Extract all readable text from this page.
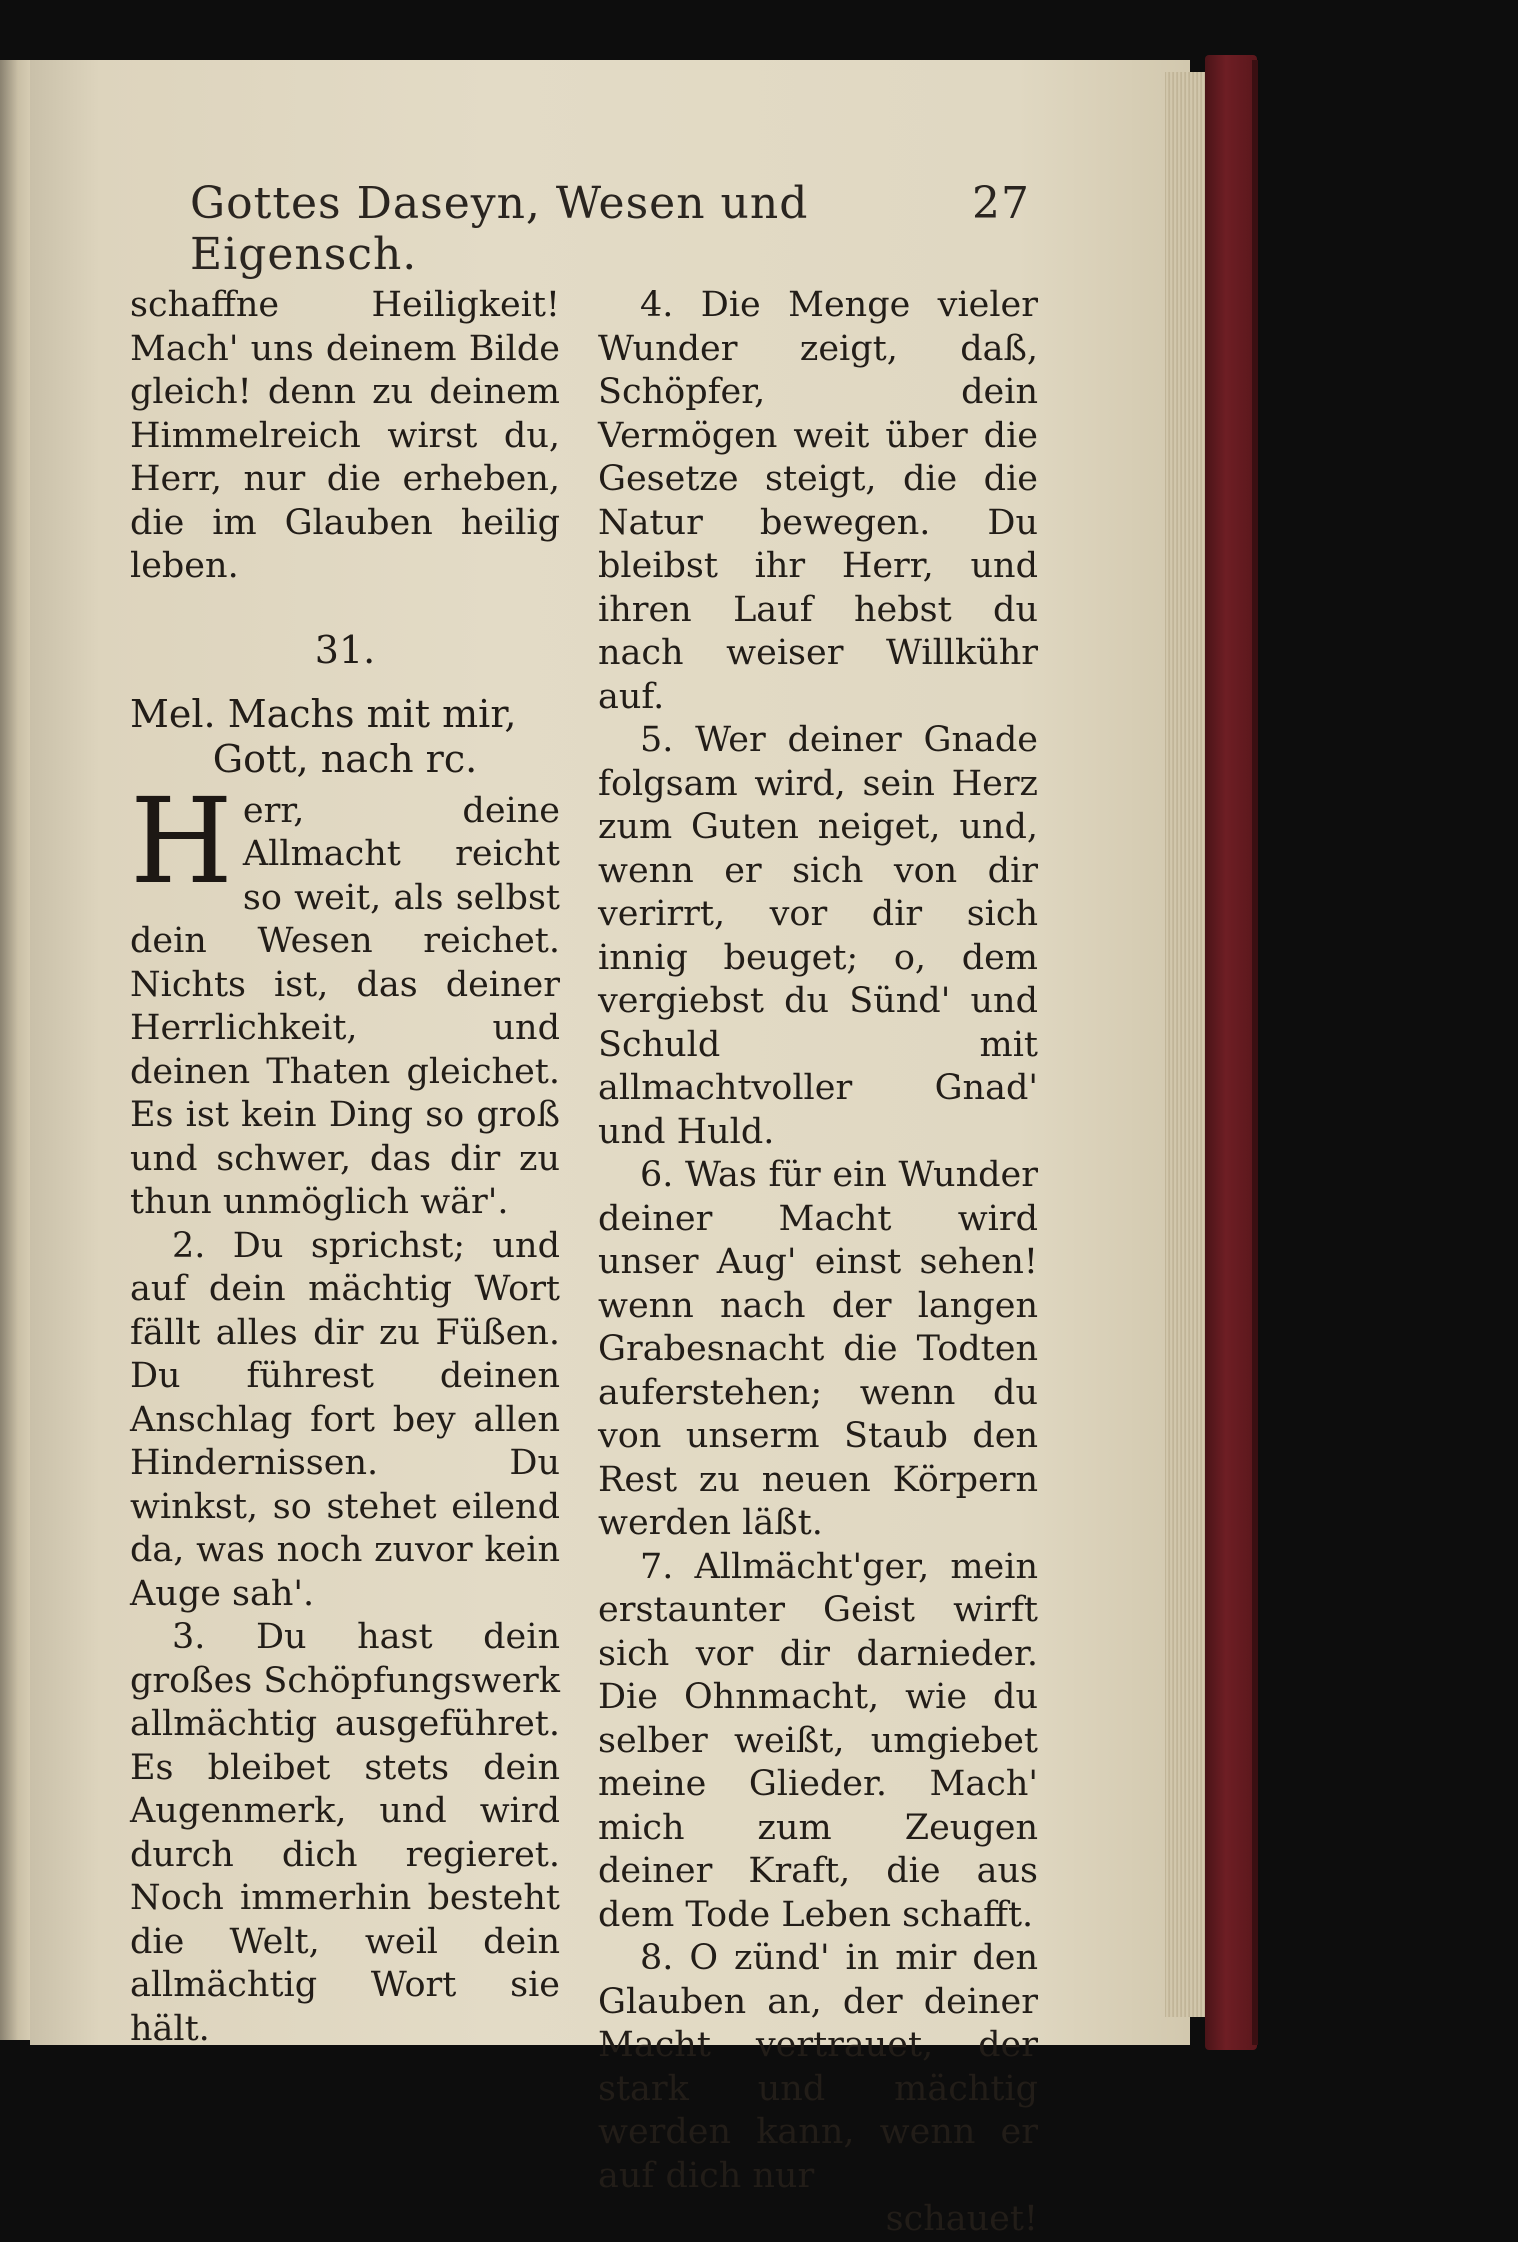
Gottes Daseyn, Wesen und Eigensch.
27

schaffne Heiligkeit! Mach' uns deinem Bilde gleich! denn zu deinem Himmelreich wirst du, Herr, nur die erheben, die im Glauben heilig leben.

31.

Mel. Machs mit mir,

Gott, nach rc.

Herr, deine Allmacht reicht so weit, als selbst dein Wesen reichet. Nichts ist, das deiner Herrlichkeit, und deinen Thaten gleichet. Es ist kein Ding so groß und schwer, das dir zu thun unmöglich wär'.

2. Du sprichst; und auf dein mächtig Wort fällt alles dir zu Füßen. Du führest deinen Anschlag fort bey allen Hindernissen. Du winkst, so stehet eilend da, was noch zuvor kein Auge sah'.

3. Du hast dein großes Schöpfungswerk allmächtig ausgeführet. Es bleibet stets dein Augenmerk, und wird durch dich regieret. Noch immerhin besteht die Welt, weil dein allmächtig Wort sie hält.

4. Die Menge vieler Wunder zeigt, daß, Schöpfer, dein Vermögen weit über die Gesetze steigt, die die Natur bewegen. Du bleibst ihr Herr, und ihren Lauf hebst du nach weiser Willkühr auf.

5. Wer deiner Gnade folgsam wird, sein Herz zum Guten neiget, und, wenn er sich von dir verirrt, vor dir sich innig beuget; o, dem vergiebst du Sünd' und Schuld mit allmachtvoller Gnad' und Huld.

6. Was für ein Wunder deiner Macht wird unser Aug' einst sehen! wenn nach der langen Grabesnacht die Todten auferstehen; wenn du von unserm Staub den Rest zu neuen Körpern werden läßt.

7. Allmächt'ger, mein erstaunter Geist wirft sich vor dir darnieder. Die Ohnmacht, wie du selber weißt, umgiebet meine Glieder. Mach' mich zum Zeugen deiner Kraft, die aus dem Tode Leben schafft.

8. O zünd' in mir den Glauben an, der deiner Macht vertrauet, der stark und mächtig werden kann, wenn er auf dich nur

schauet!
